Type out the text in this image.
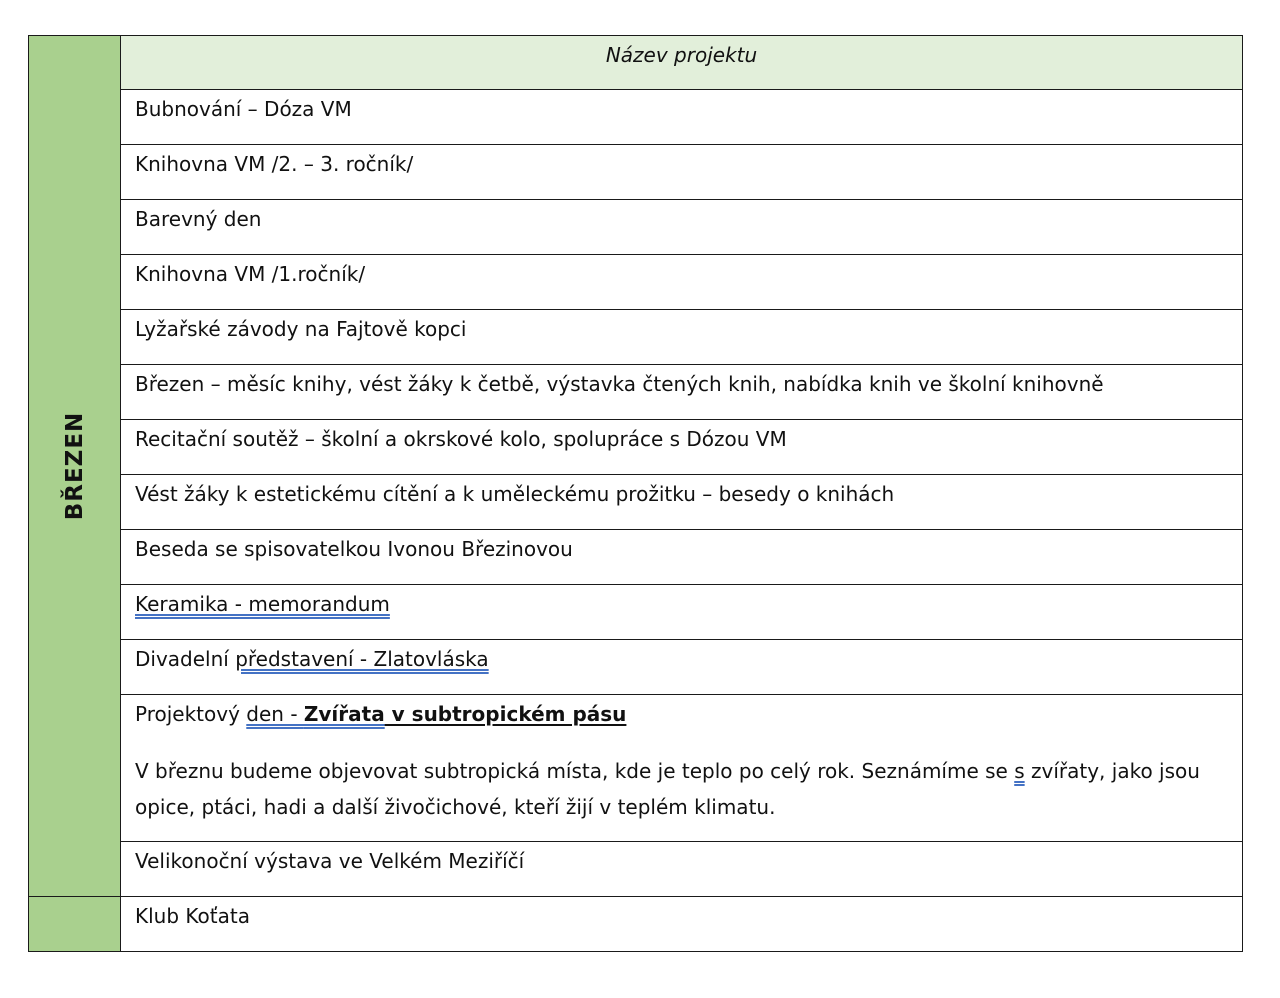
BŘEZEN	Název projektu

	Bubnování – Dóza VM

	Knihovna VM /2. – 3. ročník/

	Barevný den

	Knihovna VM /1.ročník/

	Lyžařské závody na Fajtově kopci

	Březen – měsíc knihy, vést žáky k četbě, výstavka čtených knih, nabídka knih ve školní knihovně

	Recitační soutěž – školní a okrskové kolo, spolupráce s Dózou VM

	Vést žáky k estetickému cítění a k uměleckému prožitku – besedy o knihách

	Beseda se spisovatelkou Ivonou Březinovou

	Keramika - memorandum

	Divadelní představení - Zlatovláska

	Projektový den - Zvířata v subtropickém pásu
V březnu budeme objevovat subtropická místa, kde je teplo po celý rok. Seznámíme se s zvířaty, jako jsou opice, ptáci, hadi a další živočichové, kteří žijí v teplém klimatu.

	Velikonoční výstava ve Velkém Meziříčí

	Klub Koťata
